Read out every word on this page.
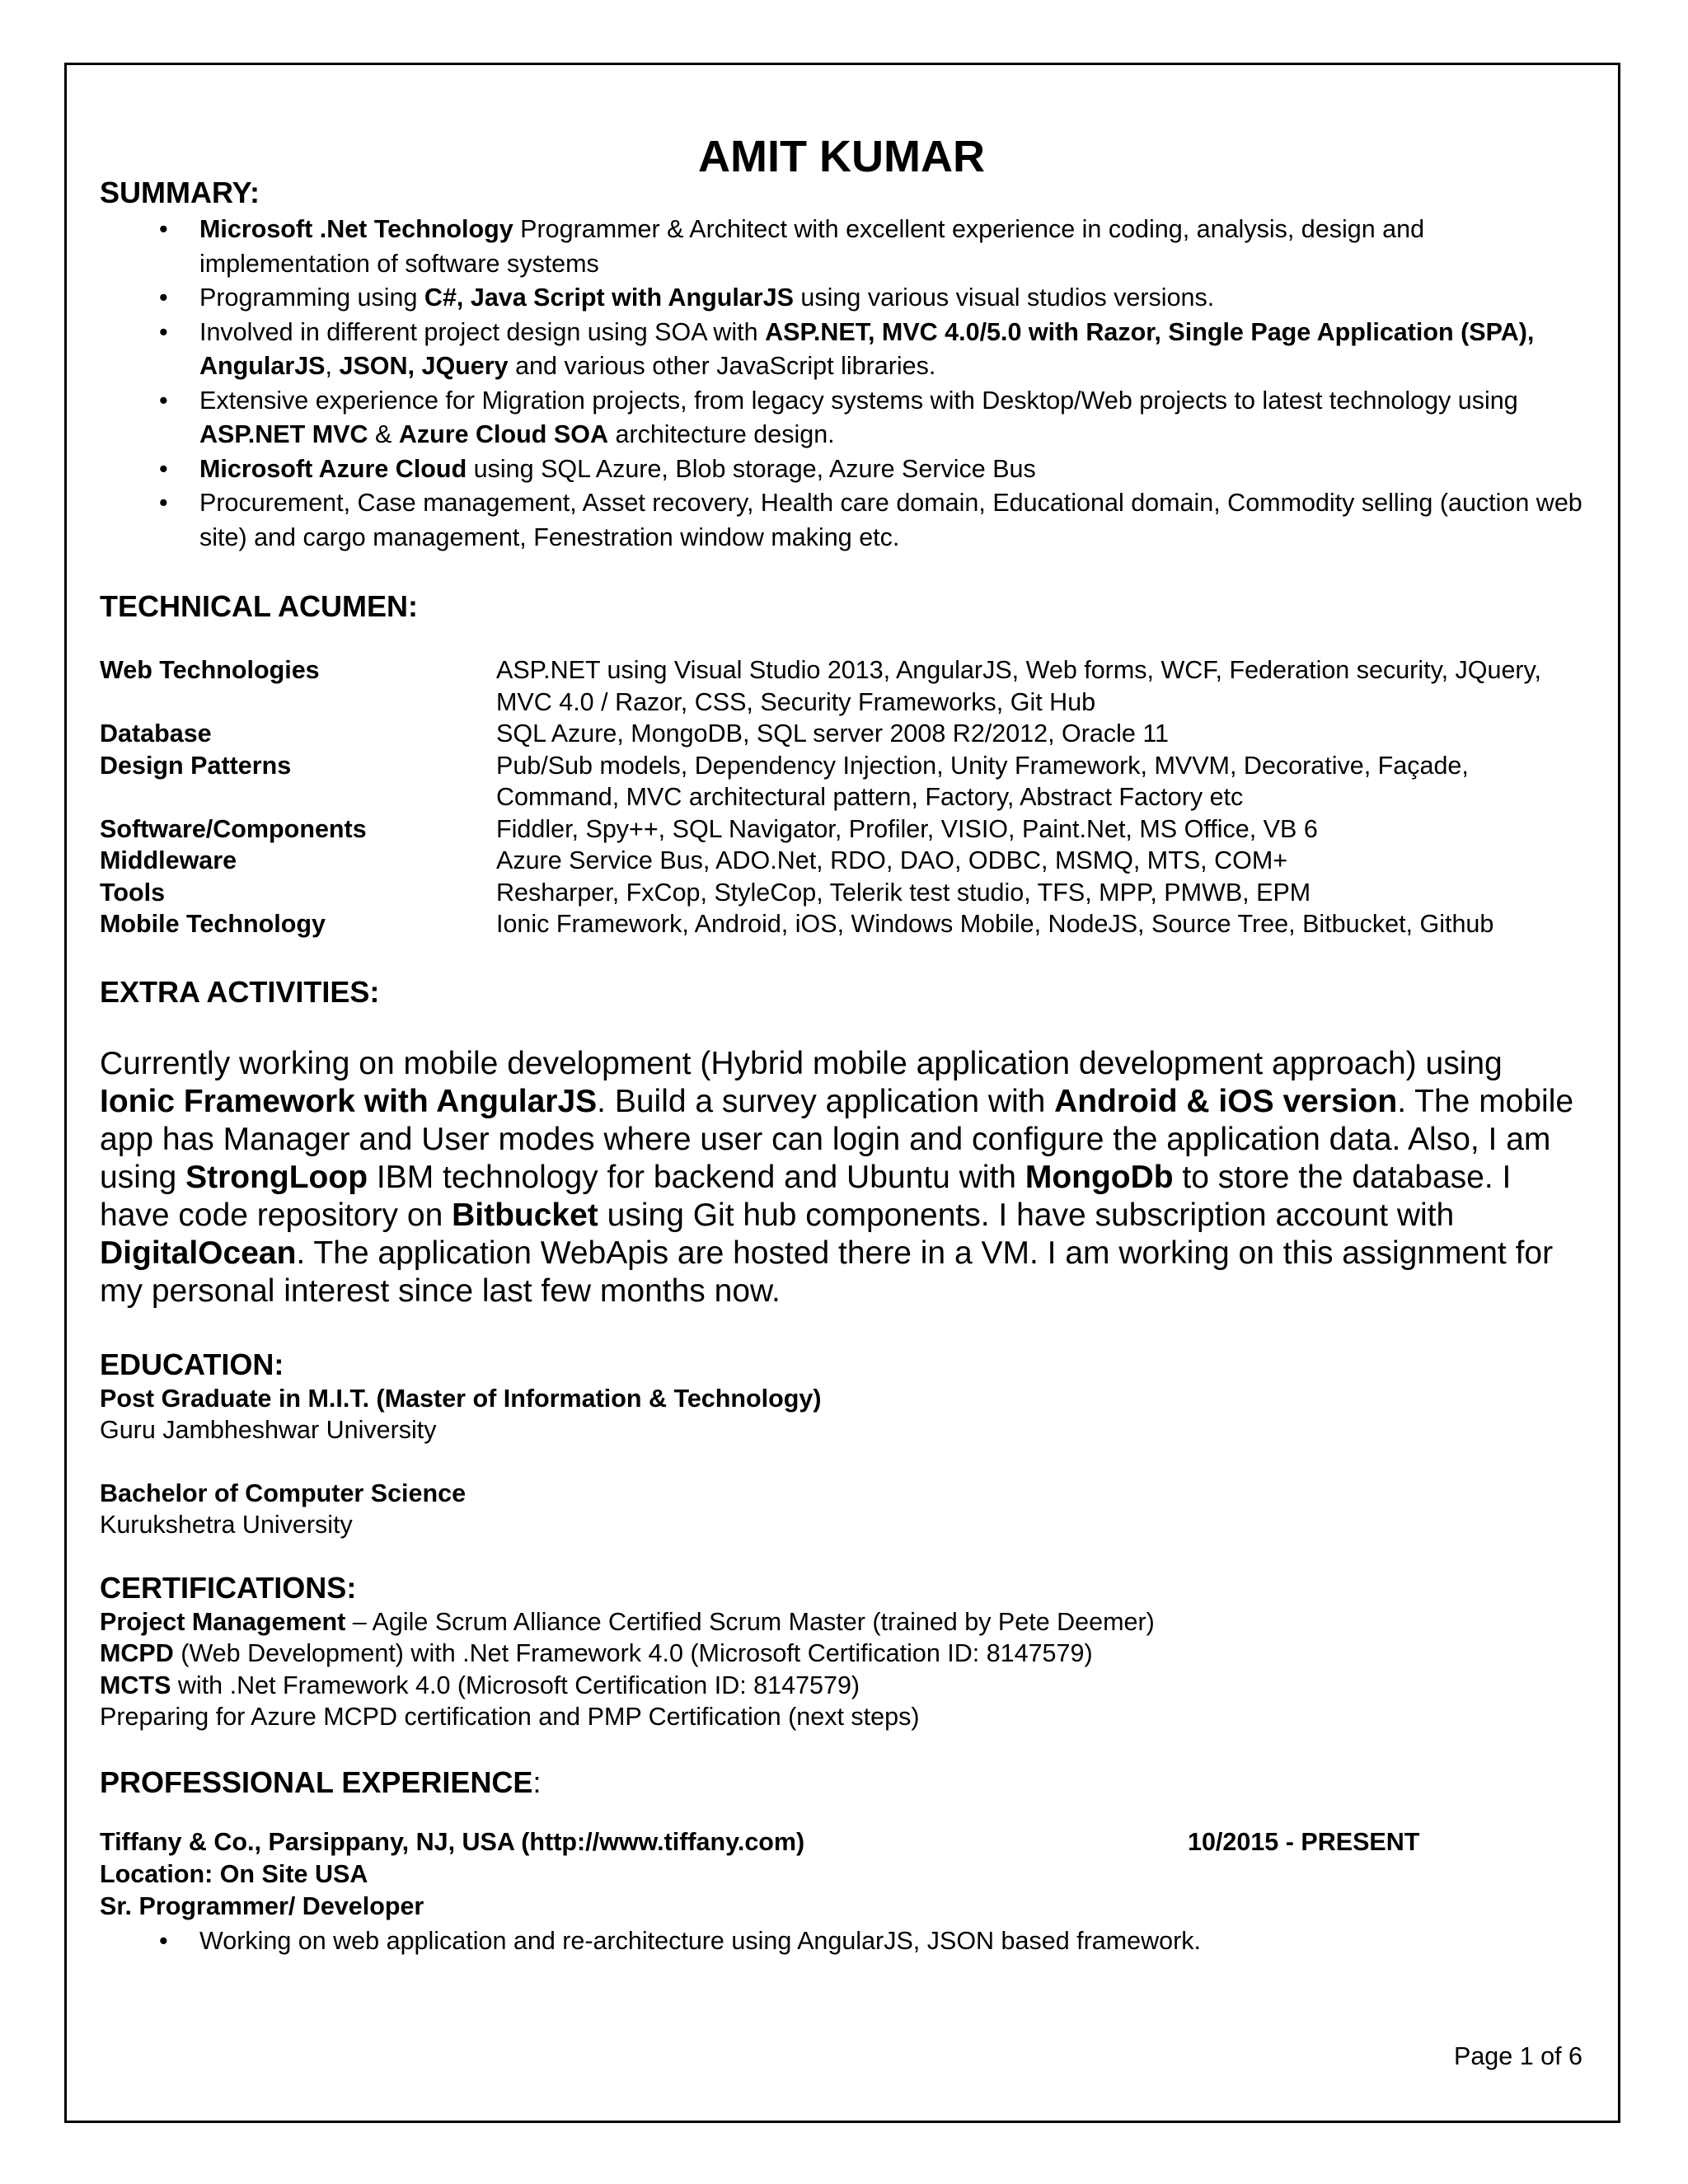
AMIT KUMAR
SUMMARY:
• Microsoft .Net Technology Programmer & Architect with excellent experience in coding, analysis, design and implementation of software systems
• Programming using C#, Java Script with AngularJS using various visual studios versions.
• Involved in different project design using SOA with ASP.NET, MVC 4.0/5.0 with Razor, Single Page Application (SPA), AngularJS, JSON, JQuery and various other JavaScript libraries.
• Extensive experience for Migration projects, from legacy systems with Desktop/Web projects to latest technology using ASP.NET MVC & Azure Cloud SOA architecture design.
• Microsoft Azure Cloud using SQL Azure, Blob storage, Azure Service Bus
• Procurement, Case management, Asset recovery, Health care domain, Educational domain, Commodity selling (auction web site) and cargo management, Fenestration window making etc.
TECHNICAL ACUMEN:
Web Technologies	ASP.NET using Visual Studio 2013, AngularJS, Web forms, WCF, Federation security, JQuery, MVC 4.0 / Razor, CSS, Security Frameworks, Git Hub
Database	SQL Azure, MongoDB, SQL server 2008 R2/2012, Oracle 11
Design Patterns	Pub/Sub models, Dependency Injection, Unity Framework, MVVM, Decorative, Façade, Command, MVC architectural pattern, Factory, Abstract Factory etc
Software/Components	Fiddler, Spy++, SQL Navigator, Profiler, VISIO, Paint.Net, MS Office, VB 6
Middleware	Azure Service Bus, ADO.Net, RDO, DAO, ODBC, MSMQ, MTS, COM+
Tools	Resharper, FxCop, StyleCop, Telerik test studio, TFS, MPP, PMWB, EPM
Mobile Technology	Ionic Framework, Android, iOS, Windows Mobile, NodeJS, Source Tree, Bitbucket, Github
EXTRA ACTIVITIES:

Currently working on mobile development (Hybrid mobile application development approach) using Ionic Framework with AngularJS. Build a survey application with Android & iOS version. The mobile app has Manager and User modes where user can login and configure the application data. Also, I am using StrongLoop IBM technology for backend and Ubuntu with MongoDb to store the database. I have code repository on Bitbucket using Git hub components. I have subscription account with DigitalOcean. The application WebApis are hosted there in a VM. I am working on this assignment for my personal interest since last few months now.

EDUCATION:
Post Graduate in M.I.T. (Master of Information & Technology)
Guru Jambheshwar University
Bachelor of Computer Science
Kurukshetra University
CERTIFICATIONS:
Project Management – Agile Scrum Alliance Certified Scrum Master (trained by Pete Deemer)
MCPD (Web Development) with .Net Framework 4.0 (Microsoft Certification ID: 8147579)
MCTS with .Net Framework 4.0 (Microsoft Certification ID: 8147579)
Preparing for Azure MCPD certification and PMP Certification (next steps)
PROFESSIONAL EXPERIENCE:
Tiffany & Co., Parsippany, NJ, USA (http://www.tiffany.com)	10/2015 - PRESENT
Location: On Site USA
Sr. Programmer/ Developer
• Working on web application and re-architecture using AngularJS, JSON based framework.
Page 1 of 6
